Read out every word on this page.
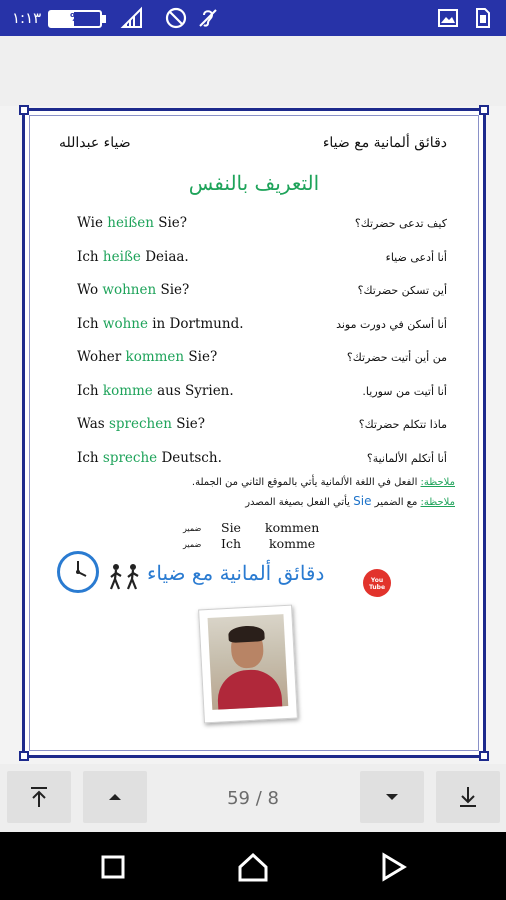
١:١٣	%٤٧
دقائق ألمانية مع ضياء
ضياء عبدالله
التعريف بالنفس
Wie heißen Sie?	كيف تدعى حضرتك؟
Ich heiße Deiaa.	أنا أدعى ضياء
Wo wohnen Sie?	أين تسكن حضرتك؟
Ich wohne in Dortmund.	أنا أسكن في دورت موند
Woher kommen Sie?	من أين أتيت حضرتك؟
Ich komme aus Syrien.	أنا أتيت من سوريا.
Was sprechen Sie?	ماذا تتكلم حضرتك؟
Ich spreche Deutsch.	أنا أتكلم الألمانية؟
ملاحظة: الفعل في اللغة الألمانية يأتي بالموقع الثاني من الجملة.
ملاحظة: مع الضمير Sie يأتي الفعل بصيغة المصدر
ضمير Sie kommen
ضمير Ich komme
دقائق ألمانية مع ضياء	You Tube
59 / 8
